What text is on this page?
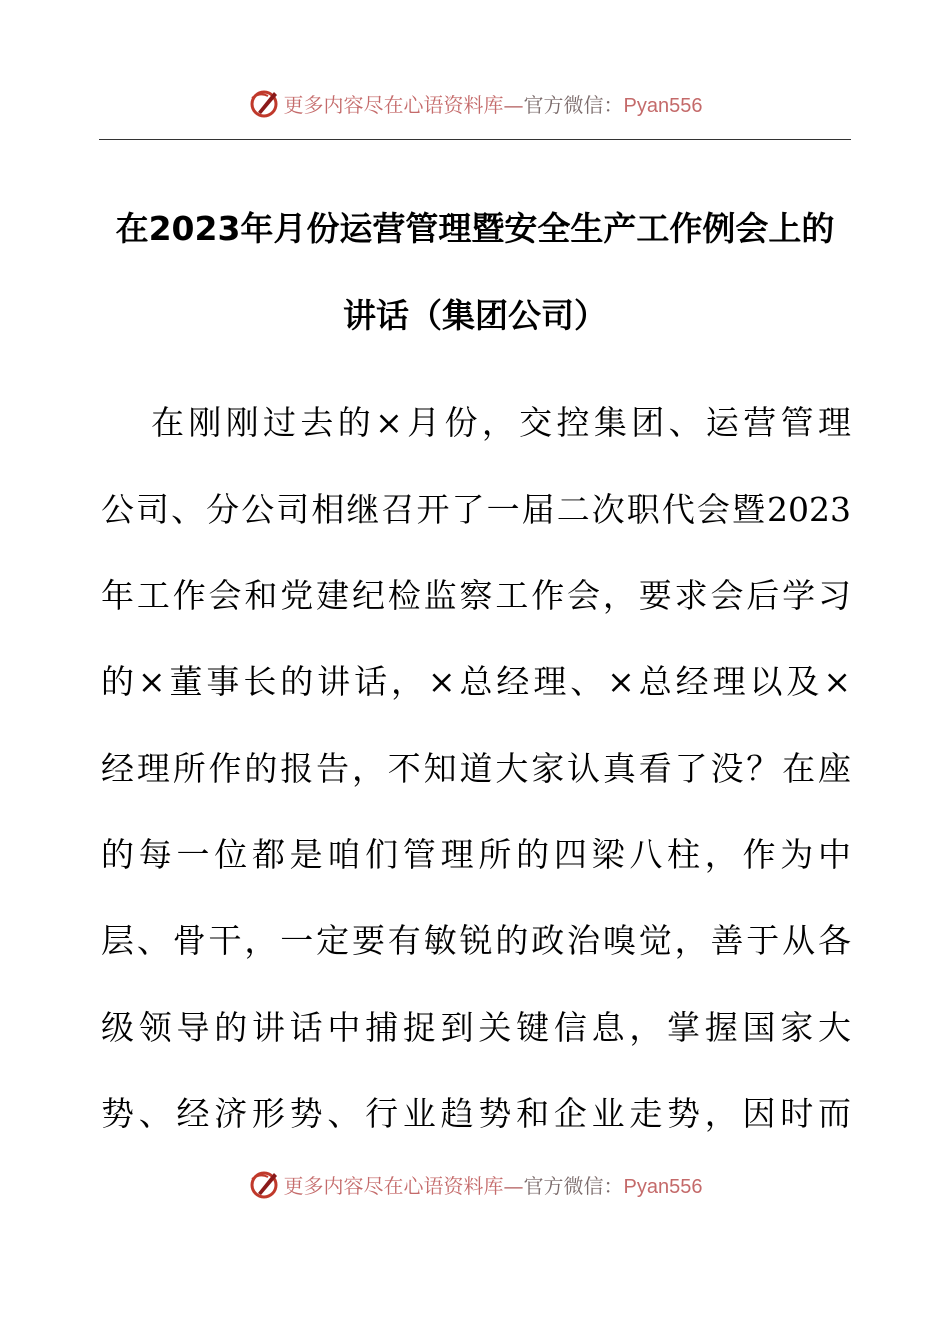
更多内容尽在心语资料库—官方微信：Pyan556
在2023年月份运营管理暨安全生产工作例会上的
讲话（集团公司）
在刚刚过去的×月份，交控集团、运营管理
公司、分公司相继召开了一届二次职代会暨2023
年工作会和党建纪检监察工作会，要求会后学习
的×董事长的讲话，×总经理、×总经理以及×
经理所作的报告，不知道大家认真看了没？在座
的每一位都是咱们管理所的四梁八柱，作为中
层、骨干，一定要有敏锐的政治嗅觉，善于从各
级领导的讲话中捕捉到关键信息，掌握国家大
势、经济形势、行业趋势和企业走势，因时而
更多内容尽在心语资料库—官方微信：Pyan556
